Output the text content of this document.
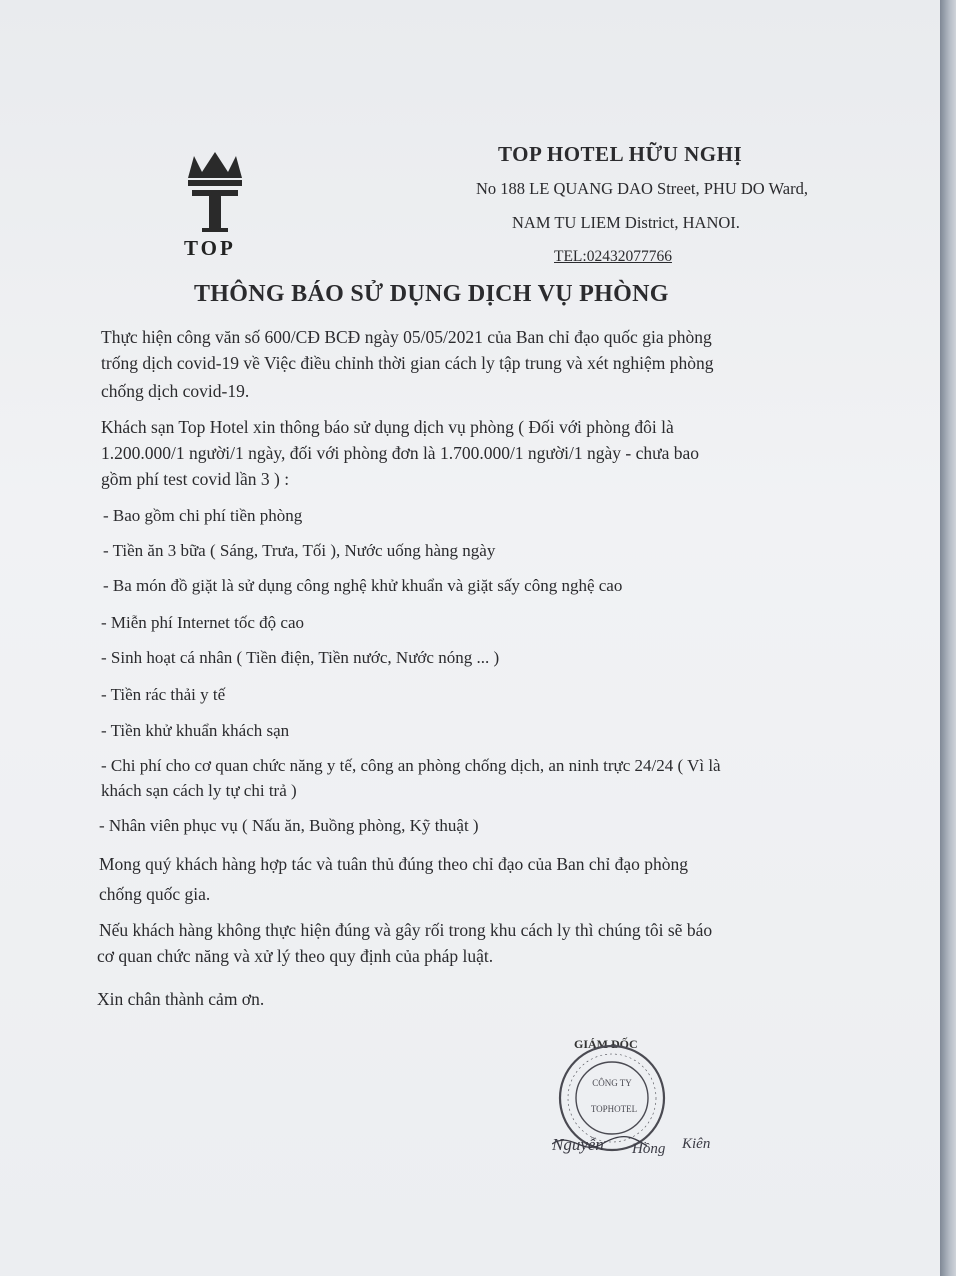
TOP
TOP HOTEL HỮU NGHỊ
No 188 LE QUANG DAO Street, PHU DO Ward,
NAM TU LIEM District, HANOI.
TEL:02432077766
THÔNG BÁO SỬ DỤNG DỊCH VỤ PHÒNG
Thực hiện công văn số 600/CĐ BCĐ ngày 05/05/2021 của Ban chỉ đạo quốc gia phòng
trống dịch covid-19 về Việc điều chỉnh thời gian cách ly tập trung và xét nghiệm phòng
chống dịch covid-19.
Khách sạn Top Hotel xin thông báo sử dụng dịch vụ phòng ( Đối với phòng đôi là
1.200.000/1 người/1 ngày, đối với phòng đơn là 1.700.000/1 người/1 ngày - chưa bao
gồm phí test covid lần 3 ) :
- Bao gồm chi phí tiền phòng
- Tiền ăn 3 bữa ( Sáng, Trưa, Tối ), Nước uống hàng ngày
- Ba món đồ giặt là sử dụng công nghệ khử khuẩn và giặt sấy công nghệ cao
- Miễn phí Internet tốc độ cao
- Sinh hoạt cá nhân ( Tiền điện, Tiền nước, Nước nóng ... )
- Tiền rác thải y tế
- Tiền khử khuẩn khách sạn
- Chi phí cho cơ quan chức năng y tế, công an phòng chống dịch, an ninh trực 24/24 ( Vì là
khách sạn cách ly tự chi trả )
- Nhân viên phục vụ ( Nấu ăn, Buồng phòng, Kỹ thuật )
Mong quý khách hàng hợp tác và tuân thủ đúng theo chỉ đạo của Ban chỉ đạo phòng
chống quốc gia.
Nếu khách hàng không thực hiện đúng và gây rối trong khu cách ly thì chúng tôi sẽ báo
cơ quan chức năng và xử lý theo quy định của pháp luật.
Xin chân thành cảm ơn.
GIÁM ĐỐC
CÔNG TY
TOPHOTEL
Nguyễn Hồng Kiên
